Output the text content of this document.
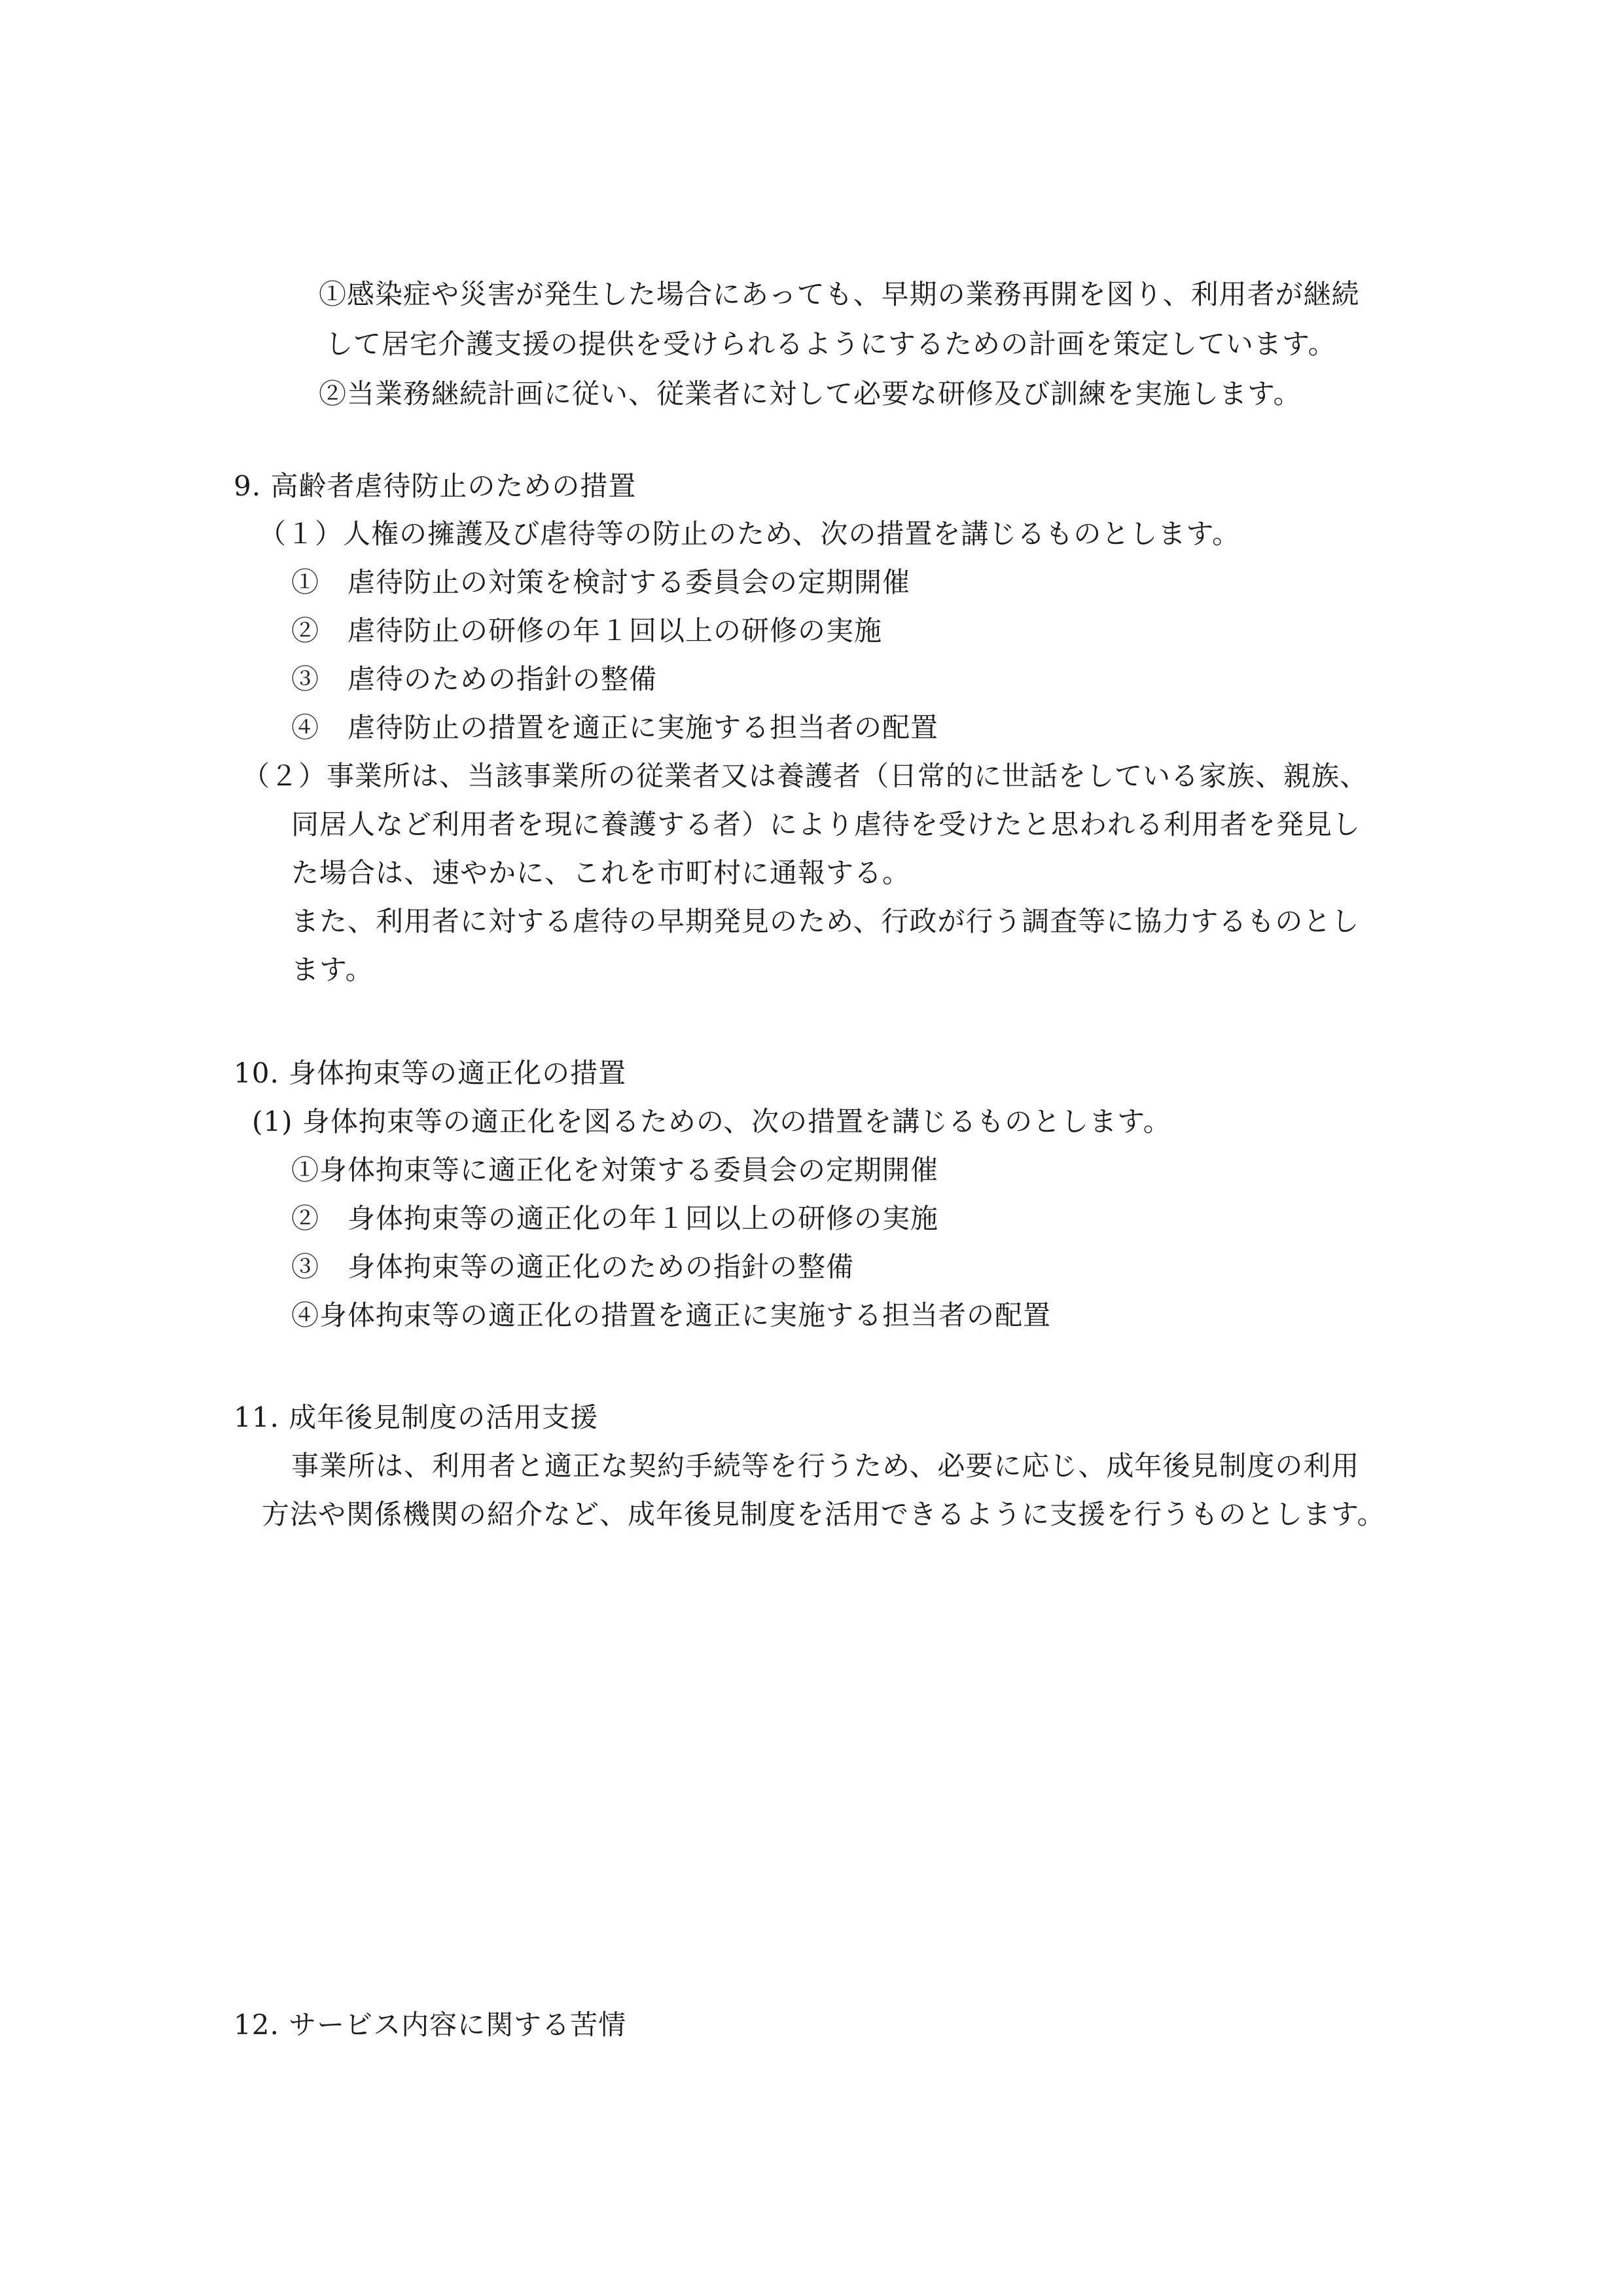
①感染症や災害が発生した場合にあっても、早期の業務再開を図り、利用者が継続
して居宅介護支援の提供を受けられるようにするための計画を策定しています。
②当業務継続計画に従い、従業者に対して必要な研修及び訓練を実施します。
9. 高齢者虐待防止のための措置
（１）人権の擁護及び虐待等の防止のため、次の措置を講じるものとします。
①　虐待防止の対策を検討する委員会の定期開催
②　虐待防止の研修の年１回以上の研修の実施
③　虐待のための指針の整備
④　虐待防止の措置を適正に実施する担当者の配置
（２）事業所は、当該事業所の従業者又は養護者（日常的に世話をしている家族、親族、
同居人など利用者を現に養護する者）により虐待を受けたと思われる利用者を発見し
た場合は、速やかに、これを市町村に通報する。
また、利用者に対する虐待の早期発見のため、行政が行う調査等に協力するものとし
ます。
10. 身体拘束等の適正化の措置
(1) 身体拘束等の適正化を図るための、次の措置を講じるものとします。
①身体拘束等に適正化を対策する委員会の定期開催
②　身体拘束等の適正化の年１回以上の研修の実施
③　身体拘束等の適正化のための指針の整備
④身体拘束等の適正化の措置を適正に実施する担当者の配置
11. 成年後見制度の活用支援
事業所は、利用者と適正な契約手続等を行うため、必要に応じ、成年後見制度の利用
方法や関係機関の紹介など、成年後見制度を活用できるように支援を行うものとします。
12. サービス内容に関する苦情
